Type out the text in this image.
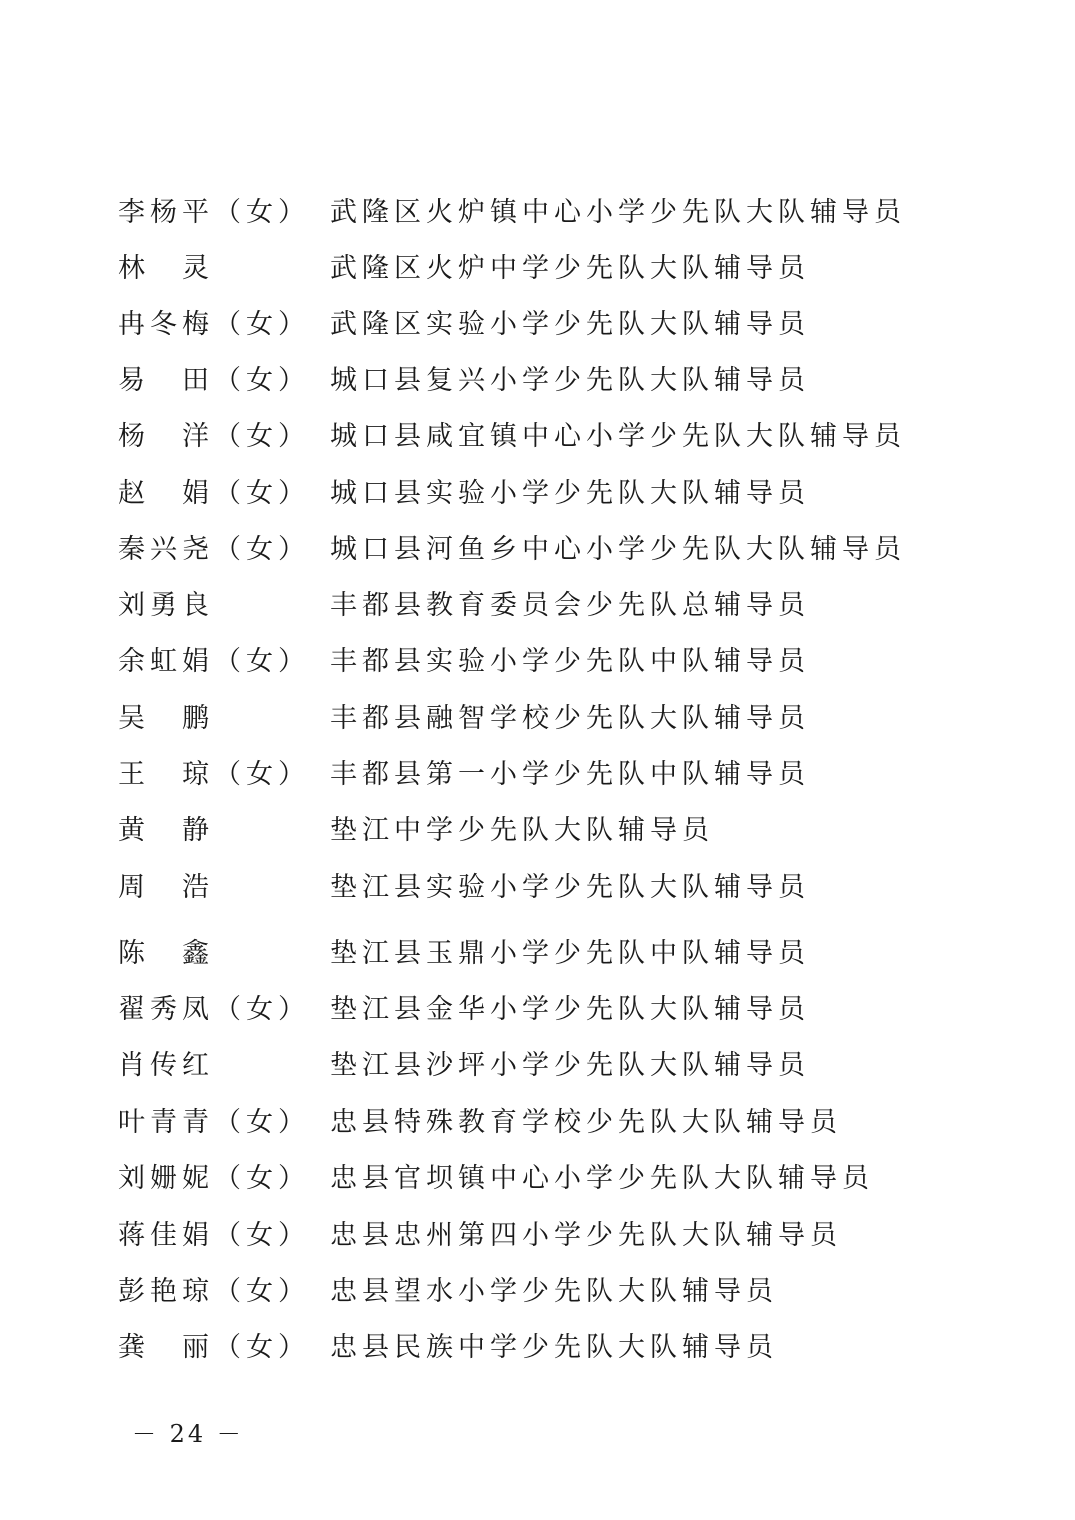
李杨平（女） 武隆区火炉镇中心小学少先队大队辅导员
林　灵	武隆区火炉中学少先队大队辅导员
冉冬梅（女） 武隆区实验小学少先队大队辅导员
易　田（女） 城口县复兴小学少先队大队辅导员
杨　洋（女） 城口县咸宜镇中心小学少先队大队辅导员
赵　娟（女） 城口县实验小学少先队大队辅导员
秦兴尧（女） 城口县河鱼乡中心小学少先队大队辅导员
刘勇良	丰都县教育委员会少先队总辅导员
余虹娟（女） 丰都县实验小学少先队中队辅导员
吴　鹏	丰都县融智学校少先队大队辅导员
王　琼（女） 丰都县第一小学少先队中队辅导员
黄　静	垫江中学少先队大队辅导员
周　浩	垫江县实验小学少先队大队辅导员
陈　鑫	垫江县玉鼎小学少先队中队辅导员
翟秀凤（女） 垫江县金华小学少先队大队辅导员
肖传红	垫江县沙坪小学少先队大队辅导员
叶青青（女） 忠县特殊教育学校少先队大队辅导员
刘姗妮（女） 忠县官坝镇中心小学少先队大队辅导员
蒋佳娟（女） 忠县忠州第四小学少先队大队辅导员
彭艳琼（女） 忠县望水小学少先队大队辅导员
龚　丽（女） 忠县民族中学少先队大队辅导员
－ 24 －
